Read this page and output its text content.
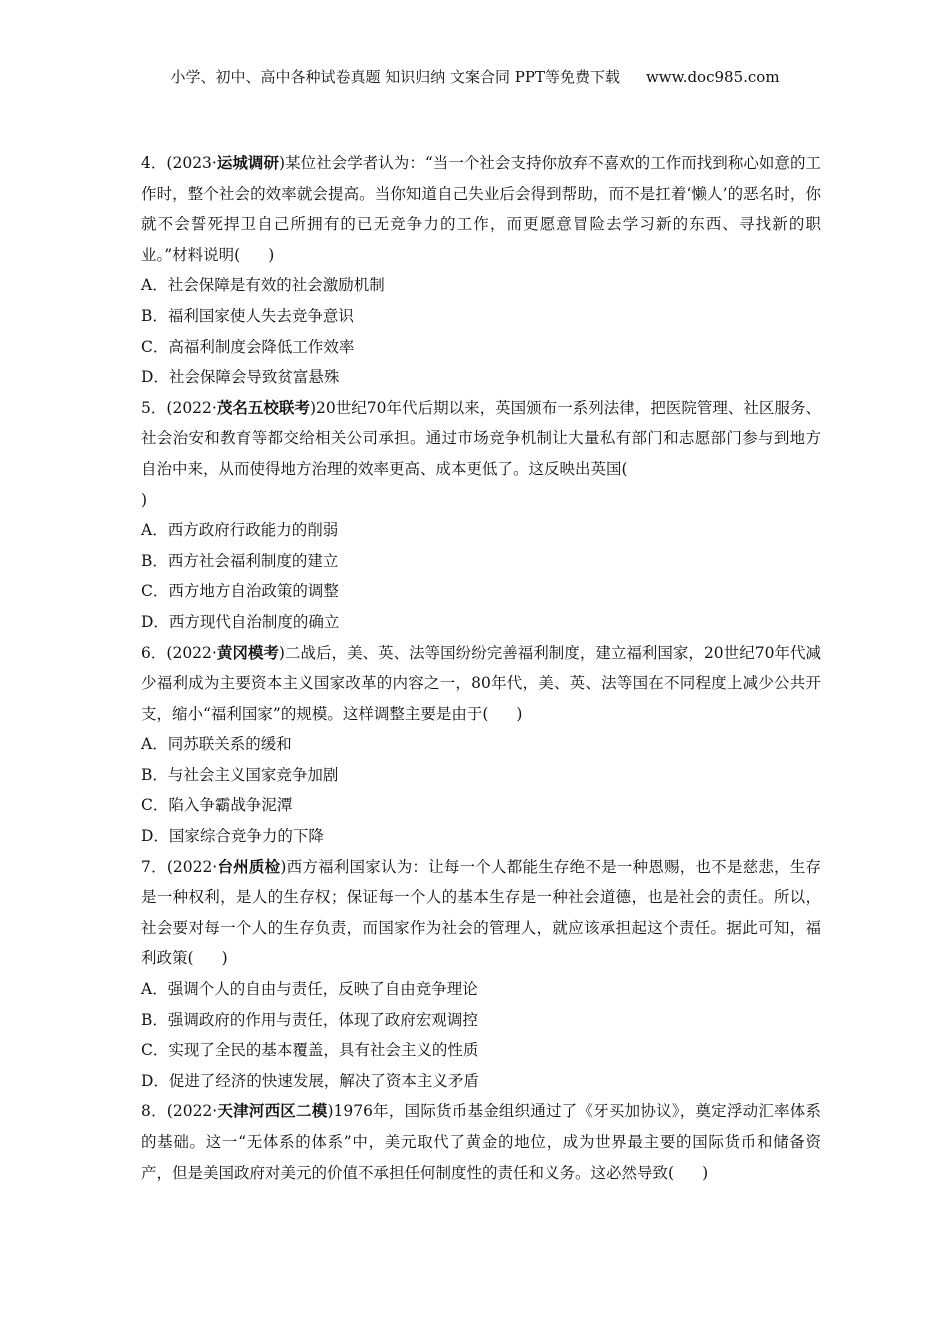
小学、初中、高中各种试卷真题 知识归纳 文案合同 PPT等免费下载 www.doc985.com

4．(2023·运城调研)某位社会学者认为：“当一个社会支持你放弃不喜欢的工作而找到称心如意的工作时，整个社会的效率就会提高。当你知道自己失业后会得到帮助，而不是扛着‘懒人’的恶名时，你就不会誓死捍卫自己所拥有的已无竞争力的工作，而更愿意冒险去学习新的东西、寻找新的职业。”材料说明( )

A．社会保障是有效的社会激励机制

B．福利国家使人失去竞争意识

C．高福利制度会降低工作效率

D．社会保障会导致贫富悬殊

5．(2022·茂名五校联考)20世纪70年代后期以来，英国颁布一系列法律，把医院管理、社区服务、社会治安和教育等都交给相关公司承担。通过市场竞争机制让大量私有部门和志愿部门参与到地方自治中来，从而使得地方治理的效率更高、成本更低了。这反映出英国(
)

A．西方政府行政能力的削弱

B．西方社会福利制度的建立

C．西方地方自治政策的调整

D．西方现代自治制度的确立

6．(2022·黄冈模考)二战后，美、英、法等国纷纷完善福利制度，建立福利国家，20世纪70年代减少福利成为主要资本主义国家改革的内容之一，80年代，美、英、法等国在不同程度上减少公共开支，缩小“福利国家”的规模。这样调整主要是由于( )

A．同苏联关系的缓和

B．与社会主义国家竞争加剧

C．陷入争霸战争泥潭

D．国家综合竞争力的下降

7．(2022·台州质检)西方福利国家认为：让每一个人都能生存绝不是一种恩赐，也不是慈悲，生存是一种权利，是人的生存权；保证每一个人的基本生存是一种社会道德，也是社会的责任。所以，社会要对每一个人的生存负责，而国家作为社会的管理人，就应该承担起这个责任。据此可知，福利政策( )

A．强调个人的自由与责任，反映了自由竞争理论

B．强调政府的作用与责任，体现了政府宏观调控

C．实现了全民的基本覆盖，具有社会主义的性质

D．促进了经济的快速发展，解决了资本主义矛盾

8．(2022·天津河西区二模)1976年，国际货币基金组织通过了《牙买加协议》，奠定浮动汇率体系的基础。这一“无体系的体系”中，美元取代了黄金的地位，成为世界最主要的国际货币和储备资产，但是美国政府对美元的价值不承担任何制度性的责任和义务。这必然导致( )
